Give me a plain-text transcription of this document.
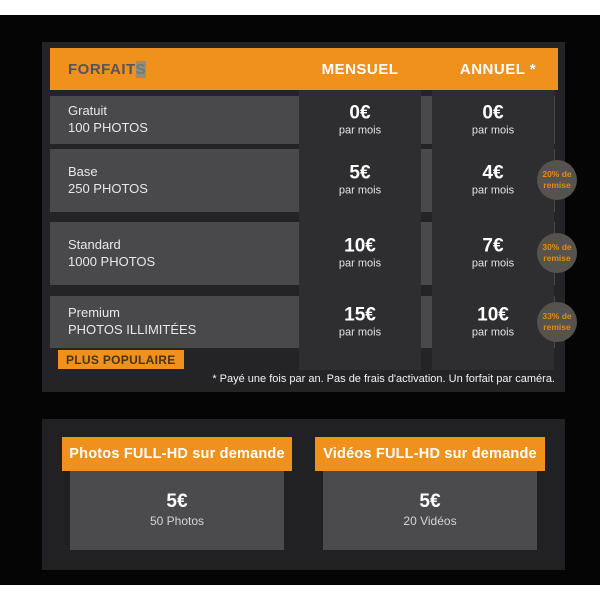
FORFAIT S	MENSUEL	ANNUEL *
Gratuit
100 PHOTOS
Base
250 PHOTOS
Standard
1000 PHOTOS
Premium
PHOTOS ILLIMITÉES
0€
par mois
5€
par mois
10€
par mois
15€
par mois
0€
par mois
4€
par mois
7€
par mois
10€
par mois
20% de remise
30% de remise
33% de remise
PLUS POPULAIRE
* Payé une fois par an. Pas de frais d'activation. Un forfait par caméra.
Photos FULL-HD sur demande
5€
50 Photos
Vidéos FULL-HD sur demande
5€
20 Vidéos
